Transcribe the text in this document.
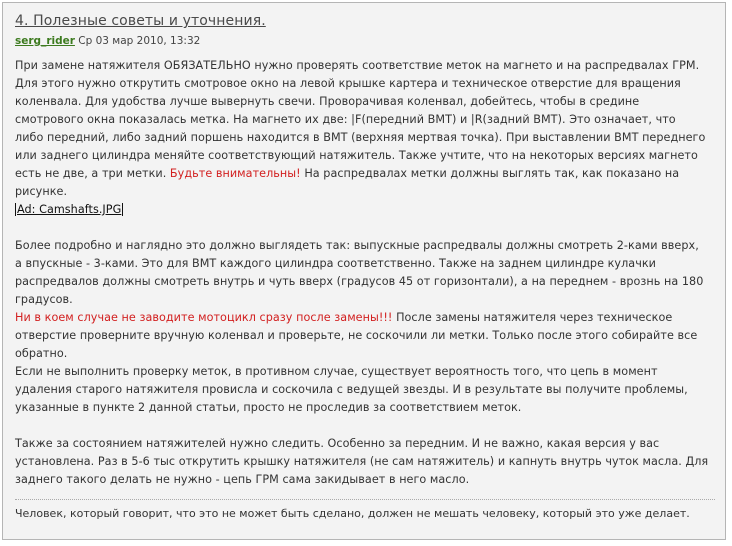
4. Полезные советы и уточнения.
serg_rider Ср 03 мар 2010, 13:32

При замене натяжителя ОБЯЗАТЕЛЬНО нужно проверять соответствие меток на магнето и на распредвалах ГРМ.

Для этого нужно открутить смотровое окно на левой крышке картера и техническое отверстие для вращения

коленвала. Для удобства лучше вывернуть свечи. Проворачивая коленвал, добейтесь, чтобы в средине

смотрового окна показалась метка. На магнето их две: |F(передний ВМТ) и |R(задний ВМТ). Это означает, что

либо передний, либо задний поршень находится в ВМТ (верхняя мертвая точка). При выставлении ВМТ переднего

или заднего цилиндра меняйте соответствующий натяжитель. Также учтите, что на некоторых версиях магнето

есть не две, а три метки. Будьте внимательны! На распредвалах метки должны выглять так, как показано на

рисунке.

Ad: Camshafts.JPG

Более подробно и наглядно это должно выглядеть так: выпускные распредвалы должны смотреть 2-ками вверх,

а впускные - 3-ками. Это для ВМТ каждого цилиндра соответственно. Также на заднем цилиндре кулачки

распредвалов должны смотреть внутрь и чуть вверх (градусов 45 от горизонтали), а на переднем - врознь на 180

градусов.

Ни в коем случае не заводите мотоцикл сразу после замены!!! После замены натяжителя через техническое

отверстие проверните вручную коленвал и проверьте, не соскочили ли метки. Только после этого собирайте все

обратно.

Если не выполнить проверку меток, в противном случае, существует вероятность того, что цепь в момент

удаления старого натяжителя провисла и соскочила с ведущей звезды. И в результате вы получите проблемы,

указанные в пункте 2 данной статьи, просто не проследив за соответствием меток.

Также за состоянием натяжителей нужно следить. Особенно за передним. И не важно, какая версия у вас

установлена. Раз в 5-6 тыс открутить крышку натяжителя (не сам натяжитель) и капнуть внутрь чуток масла. Для

заднего такого делать не нужно - цепь ГРМ сама закидывает в него масло.

Человек, который говорит, что это не может быть сделано, должен не мешать человеку, который это уже делает.
